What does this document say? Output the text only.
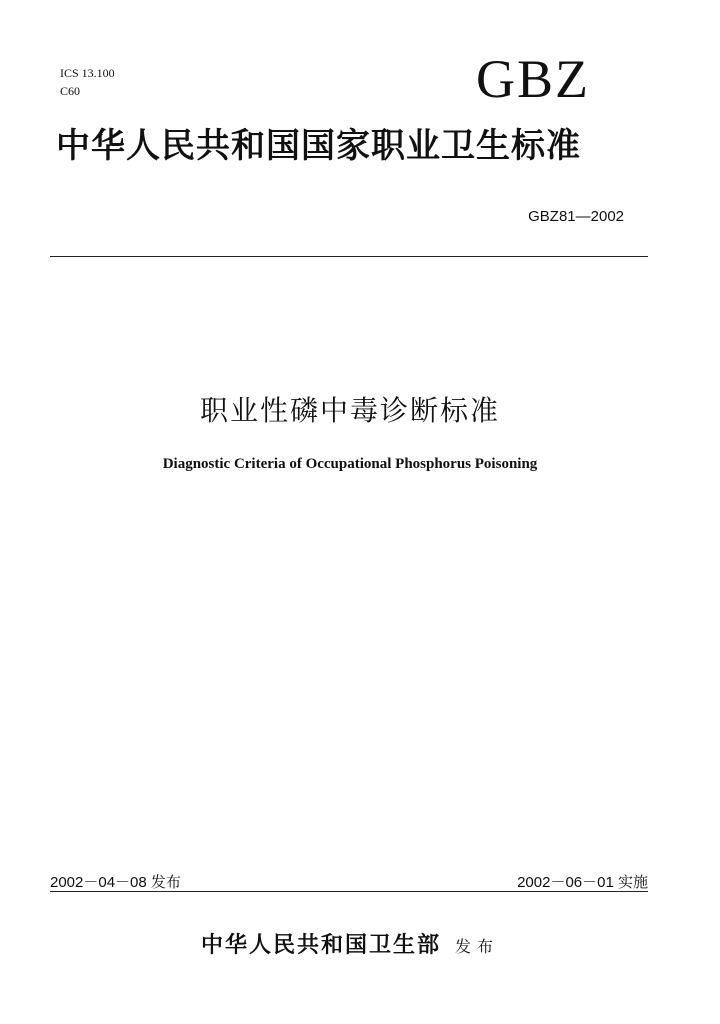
ICS 13.100
C60	GBZ
中华人民共和国国家职业卫生标准
GBZ81—2002
职业性磷中毒诊断标准
Diagnostic Criteria of Occupational Phosphorus Poisoning
2002－04－08 发布	2002－06－01 实施
中华人民共和国卫生部 发布
